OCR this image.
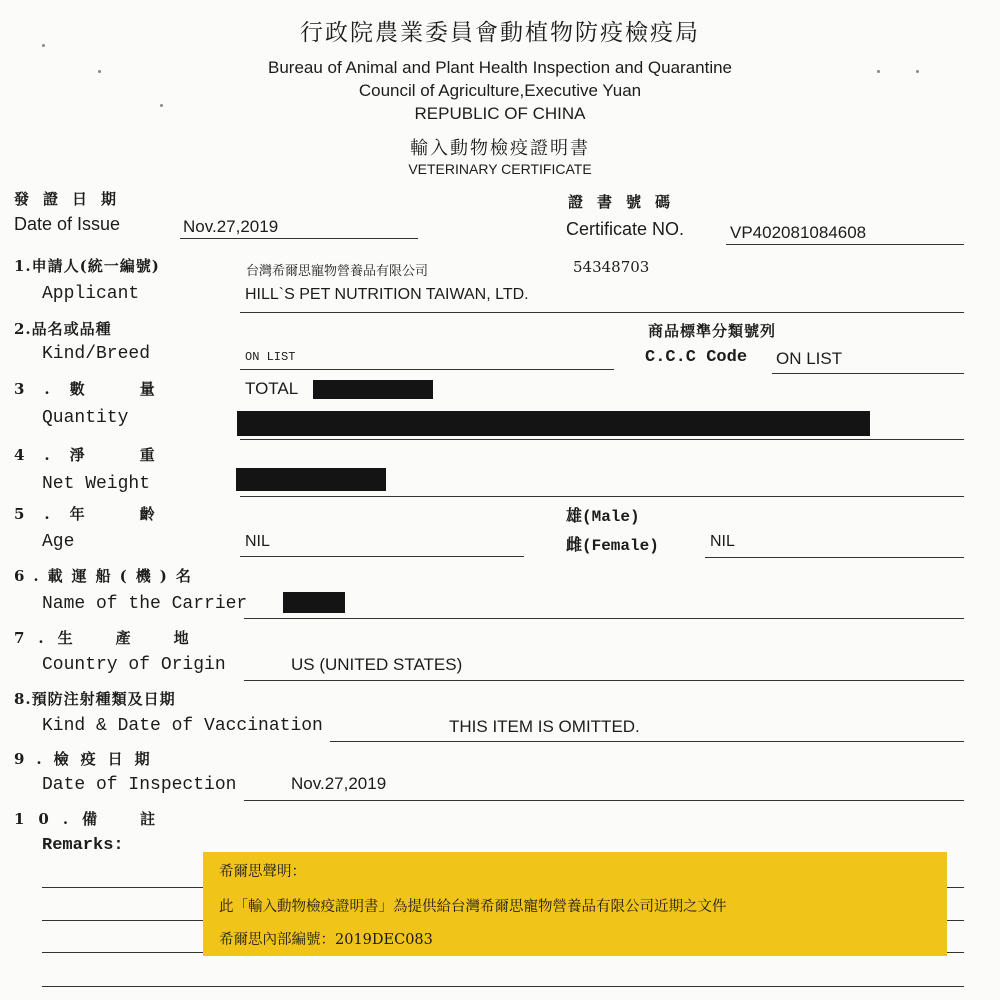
行政院農業委員會動植物防疫檢疫局
Bureau of Animal and Plant Health Inspection and Quarantine
Council of Agriculture,Executive Yuan
REPUBLIC OF CHINA
輸入動物檢疫證明書
VETERINARY CERTIFICATE
發證日期
Date of Issue	Nov.27,2019
證書號碼
Certificate NO.	VP402081084608
1.申請人(統一編號)
Applicant
台灣希爾思寵物營養品有限公司	54348703
HILL`S PET NUTRITION TAIWAN, LTD.
2.品名或品種
Kind/Breed	ON LIST
商品標準分類號列
C.C.C Code ON LIST
3.數　量
Quantity
TOTAL
4.淨　重
Net Weight
5.年　齡
Age	NIL
雄(Male)
雌(Female)	NIL
6.載運船(機)名
Name of the Carrier
7.生　產　地
Country of Origin	US (UNITED STATES)
8.預防注射種類及日期
Kind & Date of Vaccination	THIS ITEM IS OMITTED.
9.檢疫日期
Date of Inspection	Nov.27,2019
10.備　註
Remarks:
希爾思聲明：
此「輸入動物檢疫證明書」為提供給台灣希爾思寵物營養品有限公司近期之文件
希爾思內部編號：2019DEC083
